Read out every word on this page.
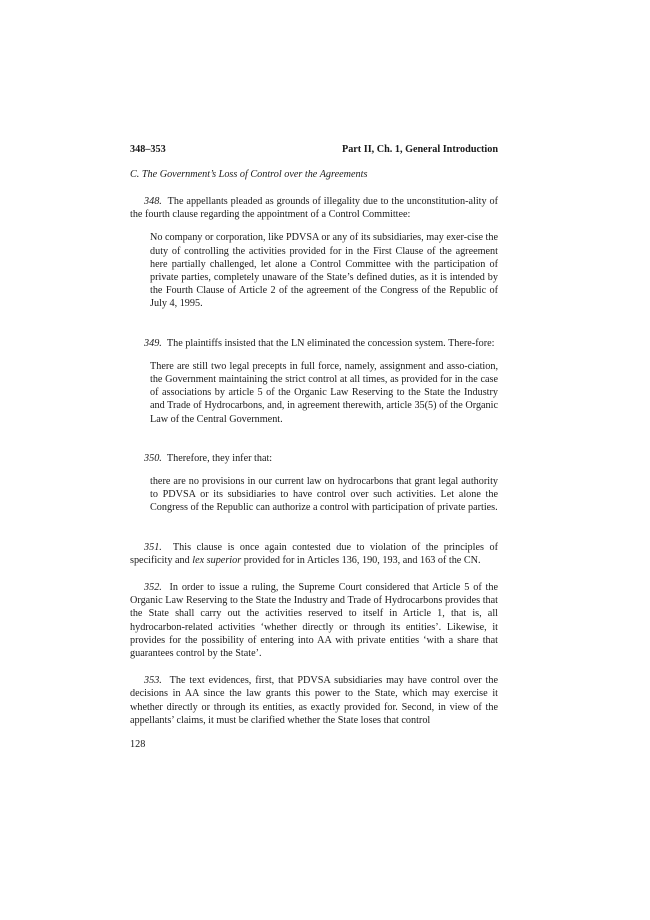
348–353	Part II, Ch. 1, General Introduction
C. The Government’s Loss of Control over the Agreements

348. The appellants pleaded as grounds of illegality due to the unconstitution-ality of the fourth clause regarding the appointment of a Control Committee:

No company or corporation, like PDVSA or any of its subsidiaries, may exer-cise the duty of controlling the activities provided for in the First Clause of the agreement here partially challenged, let alone a Control Committee with the participation of private parties, completely unaware of the State’s defined duties, as it is intended by the Fourth Clause of Article 2 of the agreement of the Congress of the Republic of July 4, 1995.

349. The plaintiffs insisted that the LN eliminated the concession system. There-fore:

There are still two legal precepts in full force, namely, assignment and asso-ciation, the Government maintaining the strict control at all times, as provided for in the case of associations by article 5 of the Organic Law Reserving to the State the Industry and Trade of Hydrocarbons, and, in agreement therewith, article 35(5) of the Organic Law of the Central Government.

350. Therefore, they infer that:

there are no provisions in our current law on hydrocarbons that grant legal authority to PDVSA or its subsidiaries to have control over such activities. Let alone the Congress of the Republic can authorize a control with participation of private parties.

351. This clause is once again contested due to violation of the principles of specificity and lex superior provided for in Articles 136, 190, 193, and 163 of the CN.

352. In order to issue a ruling, the Supreme Court considered that Article 5 of the Organic Law Reserving to the State the Industry and Trade of Hydrocarbons provides that the State shall carry out the activities reserved to itself in Article 1, that is, all hydrocarbon-related activities ‘whether directly or through its entities’. Likewise, it provides for the possibility of entering into AA with private entities ‘with a share that guarantees control by the State’.

353. The text evidences, first, that PDVSA subsidiaries may have control over the decisions in AA since the law grants this power to the State, which may exercise it whether directly or through its entities, as exactly provided for. Second, in view of the appellants’ claims, it must be clarified whether the State loses that control

128
